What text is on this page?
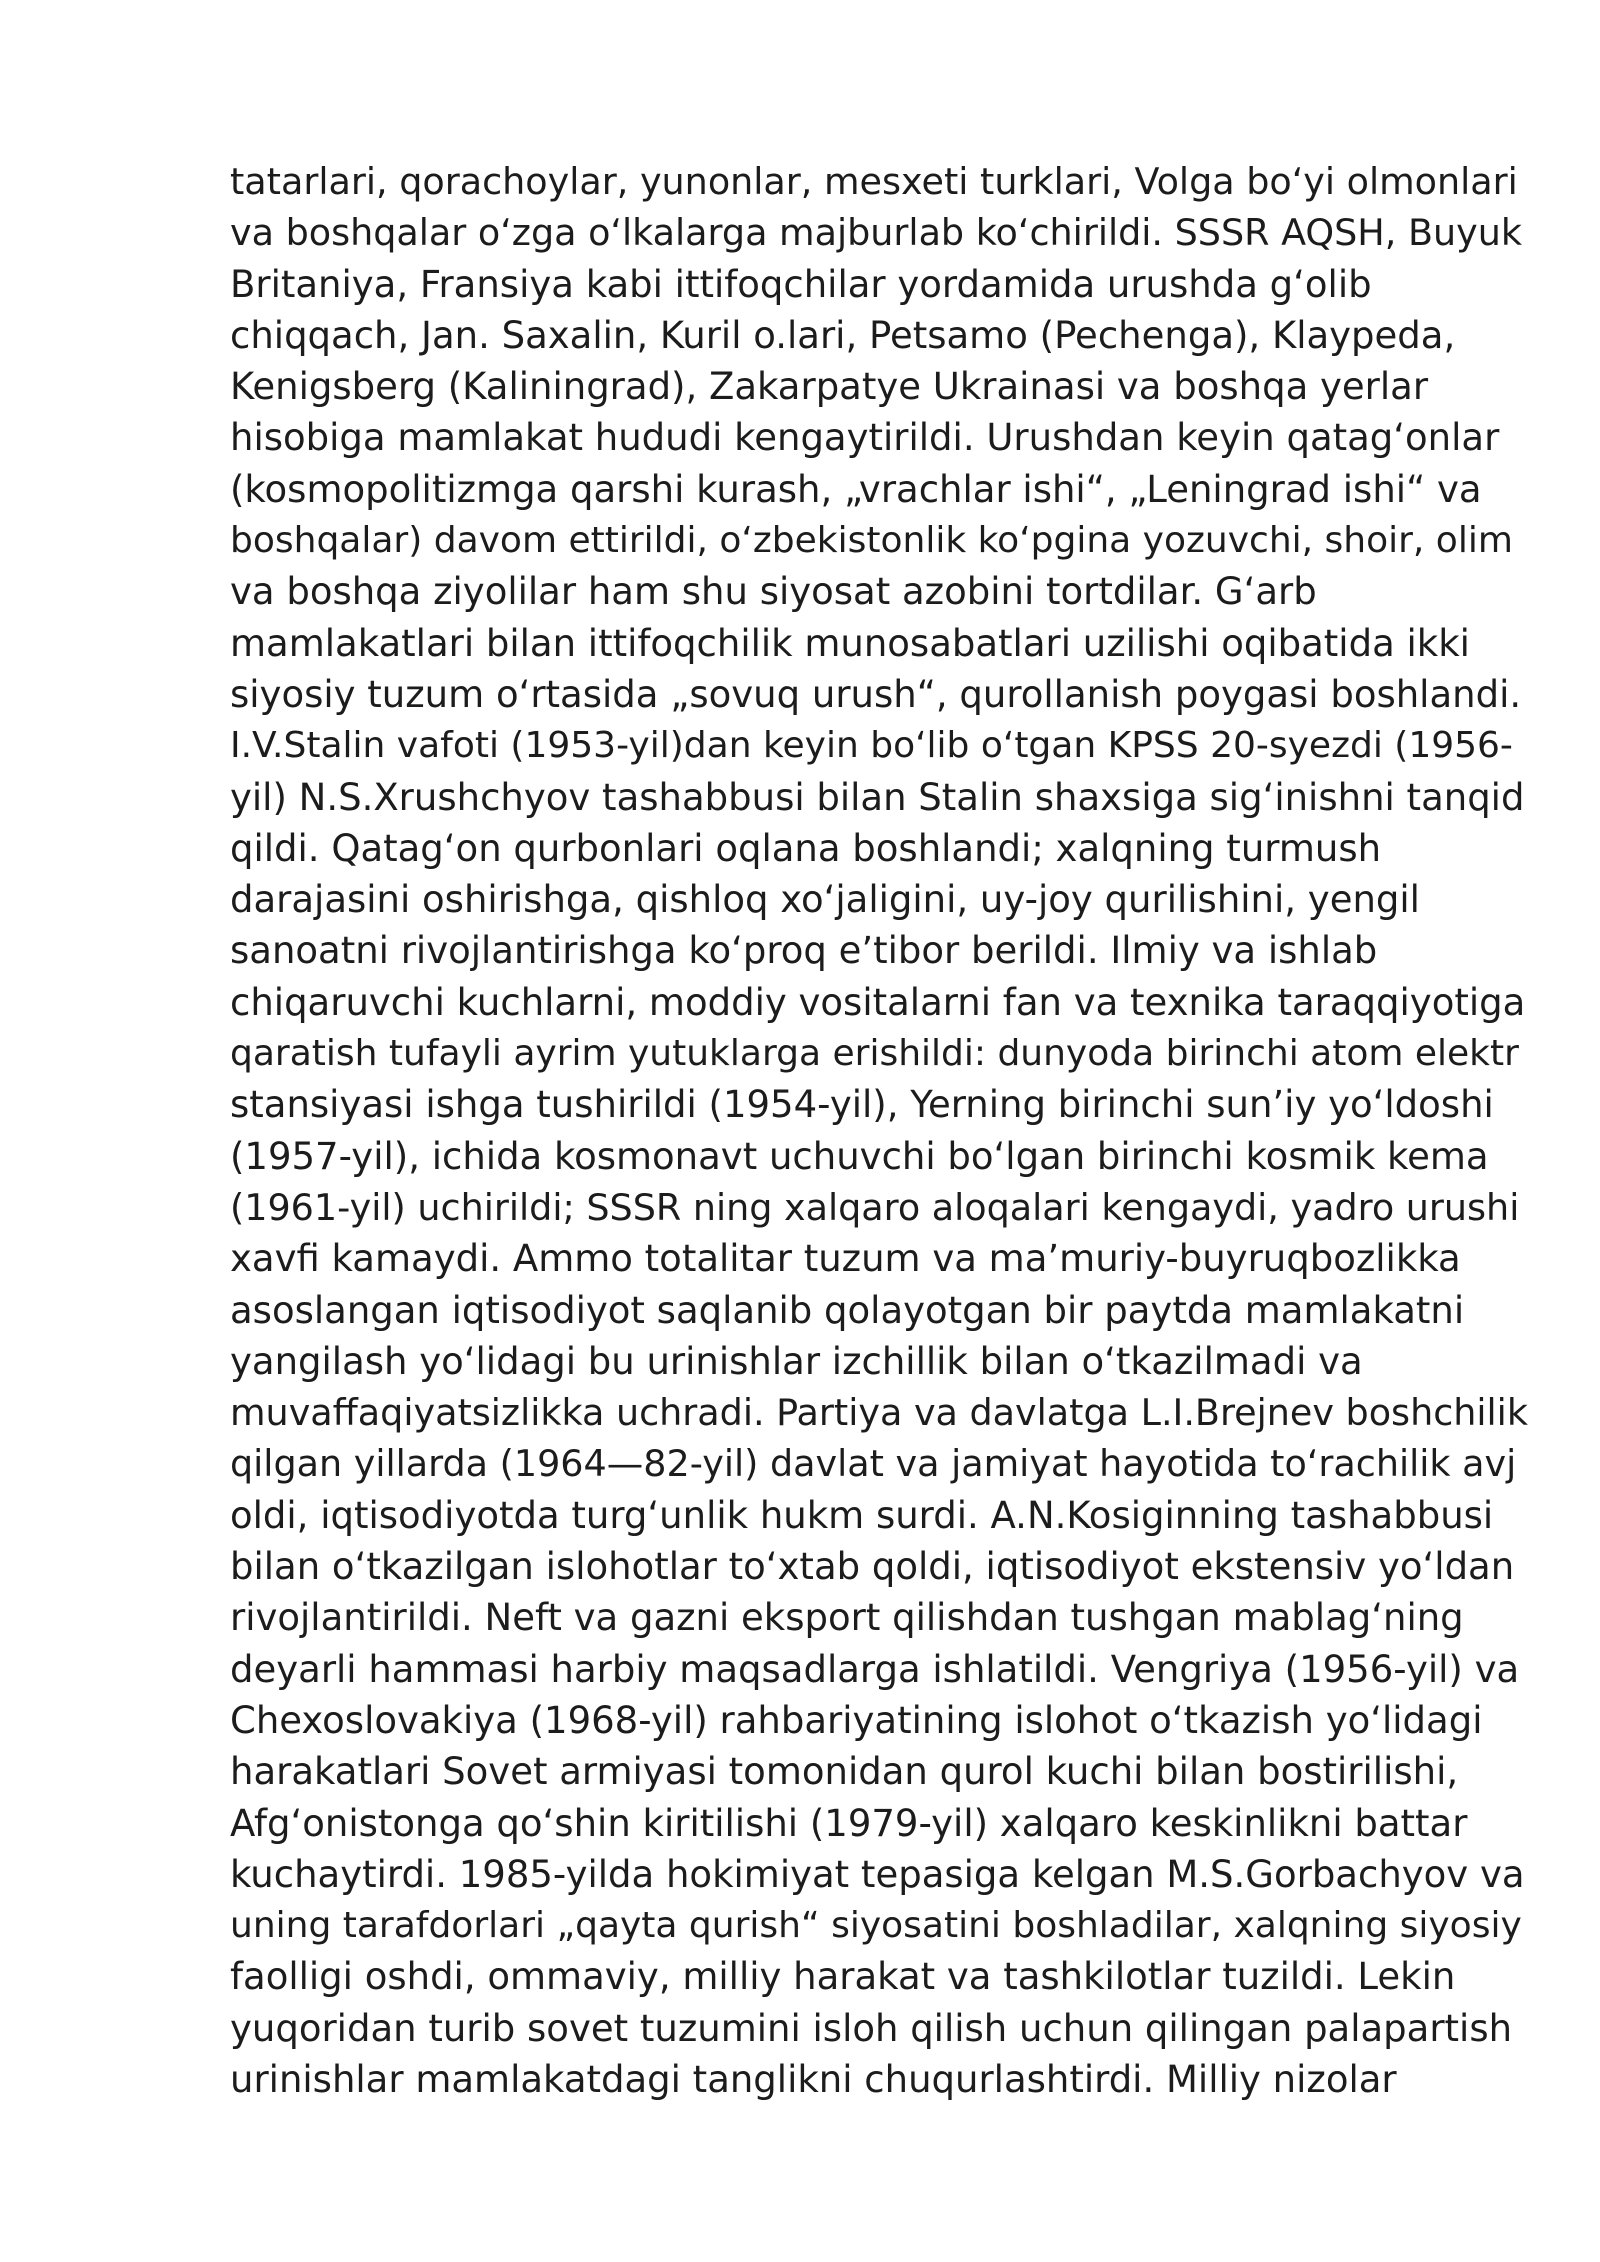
tatarlari, qorachoylar, yunonlar, mesxeti turklari, Volga bo‘yi olmonlari
va boshqalar o‘zga o‘lkalarga majburlab ko‘chirildi. SSSR AQSH, Buyuk
Britaniya, Fransiya kabi ittifoqchilar yordamida urushda g‘olib
chiqqach, Jan. Saxalin, Kuril o.lari, Petsamo (Pechenga), Klaypeda,
Kenigsberg (Kaliningrad), Zakarpatye Ukrainasi va boshqa yerlar
hisobiga mamlakat hududi kengaytirildi. Urushdan keyin qatag‘onlar
(kosmopolitizmga qarshi kurash, „vrachlar ishi“, „Leningrad ishi“ va
boshqalar) davom ettirildi, o‘zbekistonlik ko‘pgina yozuvchi, shoir, olim
va boshqa ziyolilar ham shu siyosat azobini tortdilar. G‘arb
mamlakatlari bilan ittifoqchilik munosabatlari uzilishi oqibatida ikki
siyosiy tuzum o‘rtasida „sovuq urush“, qurollanish poygasi boshlandi.
I.V.Stalin vafoti (1953-yil)dan keyin bo‘lib o‘tgan KPSS 20-syezdi (1956-
yil) N.S.Xrushchyov tashabbusi bilan Stalin shaxsiga sig‘inishni tanqid
qildi. Qatag‘on qurbonlari oqlana boshlandi; xalqning turmush
darajasini oshirishga, qishloq xo‘jaligini, uy-joy qurilishini, yengil
sanoatni rivojlantirishga ko‘proq e’tibor berildi. Ilmiy va ishlab
chiqaruvchi kuchlarni, moddiy vositalarni fan va texnika taraqqiyotiga
qaratish tufayli ayrim yutuklarga erishildi: dunyoda birinchi atom elektr
stansiyasi ishga tushirildi (1954-yil), Yerning birinchi sun’iy yo‘ldoshi
(1957-yil), ichida kosmonavt uchuvchi bo‘lgan birinchi kosmik kema
(1961-yil) uchirildi; SSSR ning xalqaro aloqalari kengaydi, yadro urushi
xavfi kamaydi. Ammo totalitar tuzum va ma’muriy-buyruqbozlikka
asoslangan iqtisodiyot saqlanib qolayotgan bir paytda mamlakatni
yangilash yo‘lidagi bu urinishlar izchillik bilan o‘tkazilmadi va
muvaffaqiyatsizlikka uchradi. Partiya va davlatga L.I.Brejnev boshchilik
qilgan yillarda (1964—82-yil) davlat va jamiyat hayotida to‘rachilik avj
oldi, iqtisodiyotda turg‘unlik hukm surdi. A.N.Kosiginning tashabbusi
bilan o‘tkazilgan islohotlar to‘xtab qoldi, iqtisodiyot ekstensiv yo‘ldan
rivojlantirildi. Neft va gazni eksport qilishdan tushgan mablag‘ning
deyarli hammasi harbiy maqsadlarga ishlatildi. Vengriya (1956-yil) va
Chexoslovakiya (1968-yil) rahbariyatining islohot o‘tkazish yo‘lidagi
harakatlari Sovet armiyasi tomonidan qurol kuchi bilan bostirilishi,
Afg‘onistonga qo‘shin kiritilishi (1979-yil) xalqaro keskinlikni battar
kuchaytirdi. 1985-yilda hokimiyat tepasiga kelgan M.S.Gorbachyov va
uning tarafdorlari „qayta qurish“ siyosatini boshladilar, xalqning siyosiy
faolligi oshdi, ommaviy, milliy harakat va tashkilotlar tuzildi. Lekin
yuqoridan turib sovet tuzumini isloh qilish uchun qilingan palapartish
urinishlar mamlakatdagi tanglikni chuqurlashtirdi. Milliy nizolar
